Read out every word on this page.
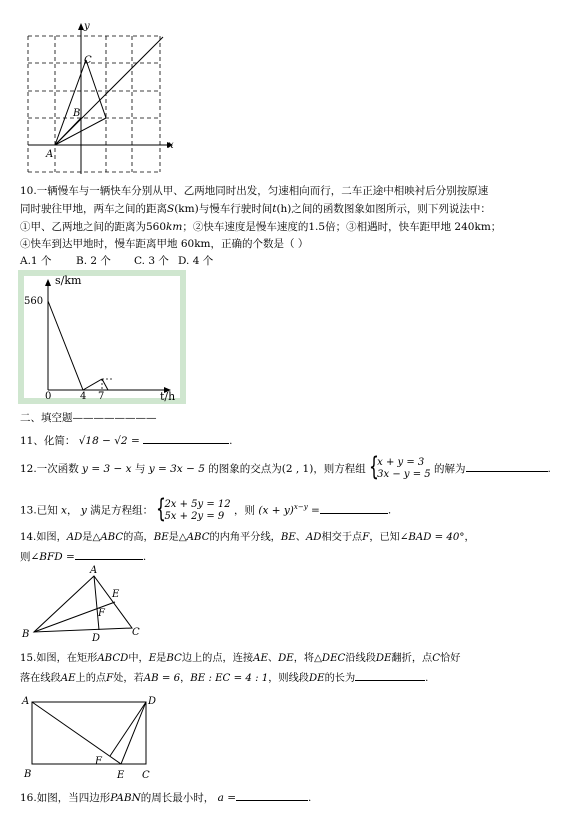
y
x
C
B
A
10.一辆慢车与一辆快车分别从甲、乙两地同时出发，匀速相向而行，二车正途中相映衬后分别按原速
同时驶往甲地，两车之间的距离S(km)与慢车行驶时间t(h)之间的函数图象如图所示，则下列说法中：
①甲、乙两地之间的距离为560km；②快车速度是慢车速度的1.5倍；③相遇时，快车距甲地 240km；
④快车到达甲地时，慢车距离甲地 60km，正确的个数是（ ）
A.1 个 B. 2 个 C. 3 个 D. 4 个
s/km
560
0	4 7	t/h
二、填空题————————
11、化简： √18 − √2 =	.
12.一次函数 y = 3 − x 与 y = 3x − 5 的图象的交点为(2 , 1)，则方程组 {
x + y = 3
3x − y = 5 的解为	.
13.已知 x， y 满足方程组： {
2x + 5y = 12
5x + 2y = 9 ，则 $(x + y)^{x-y}$ =	.
14.如图，AD是△ABC的高，BE是△ABC的内角平分线，BE、AD相交于点F，已知∠BAD = 40°，
则∠BFD =	.
A
E
F
B	D
C
15.如图，在矩形ABCD中，E是BC边上的点，连接AE、DE，将△DEC沿线段DE翻折，点C恰好
落在线段AE上的点F处，若AB = 6，BE : EC = 4 : 1，则线段DE的长为	.
A	D
F
B	E C
16.如图，当四边形PABN的周长最小时， a =	.
